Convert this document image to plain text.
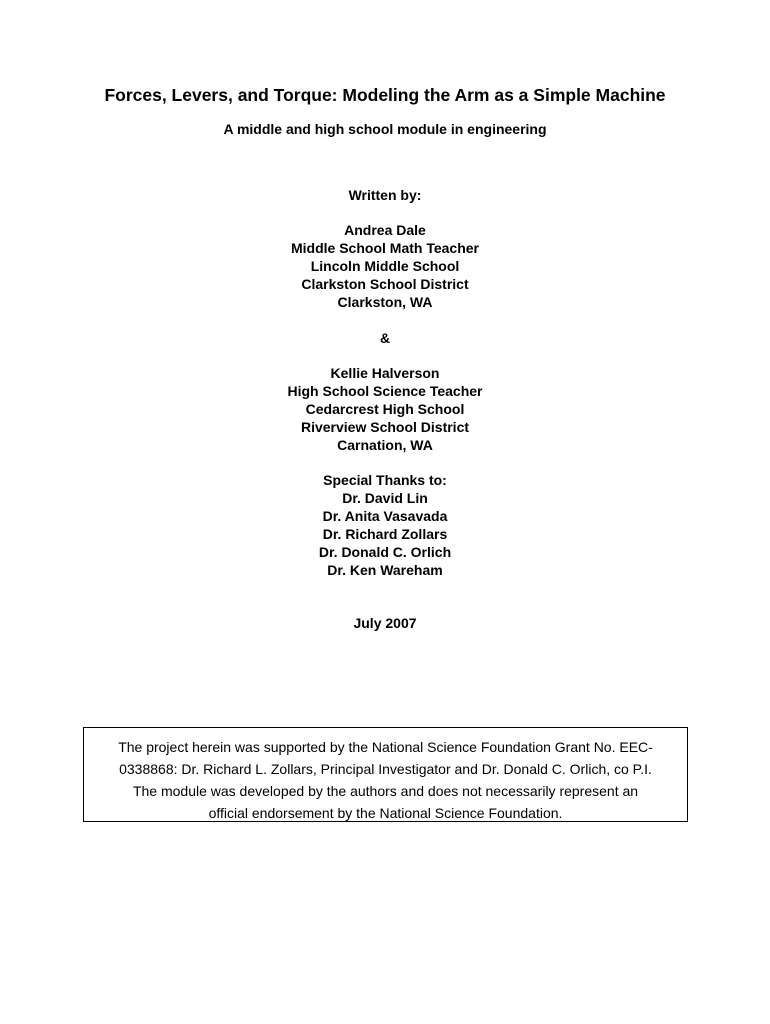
Forces, Levers, and Torque: Modeling the Arm as a Simple Machine
A middle and high school module in engineering
Written by:
Andrea Dale
Middle School Math Teacher
Lincoln Middle School
Clarkston School District
Clarkston, WA
&
Kellie Halverson
High School Science Teacher
Cedarcrest High School
Riverview School District
Carnation, WA
Special Thanks to:
Dr. David Lin
Dr. Anita Vasavada
Dr. Richard Zollars
Dr. Donald C. Orlich
Dr. Ken Wareham
July 2007
The project herein was supported by the National Science Foundation Grant No. EEC-
0338868: Dr. Richard L. Zollars, Principal Investigator and Dr. Donald C. Orlich, co P.I.
The module was developed by the authors and does not necessarily represent an
official endorsement by the National Science Foundation.
